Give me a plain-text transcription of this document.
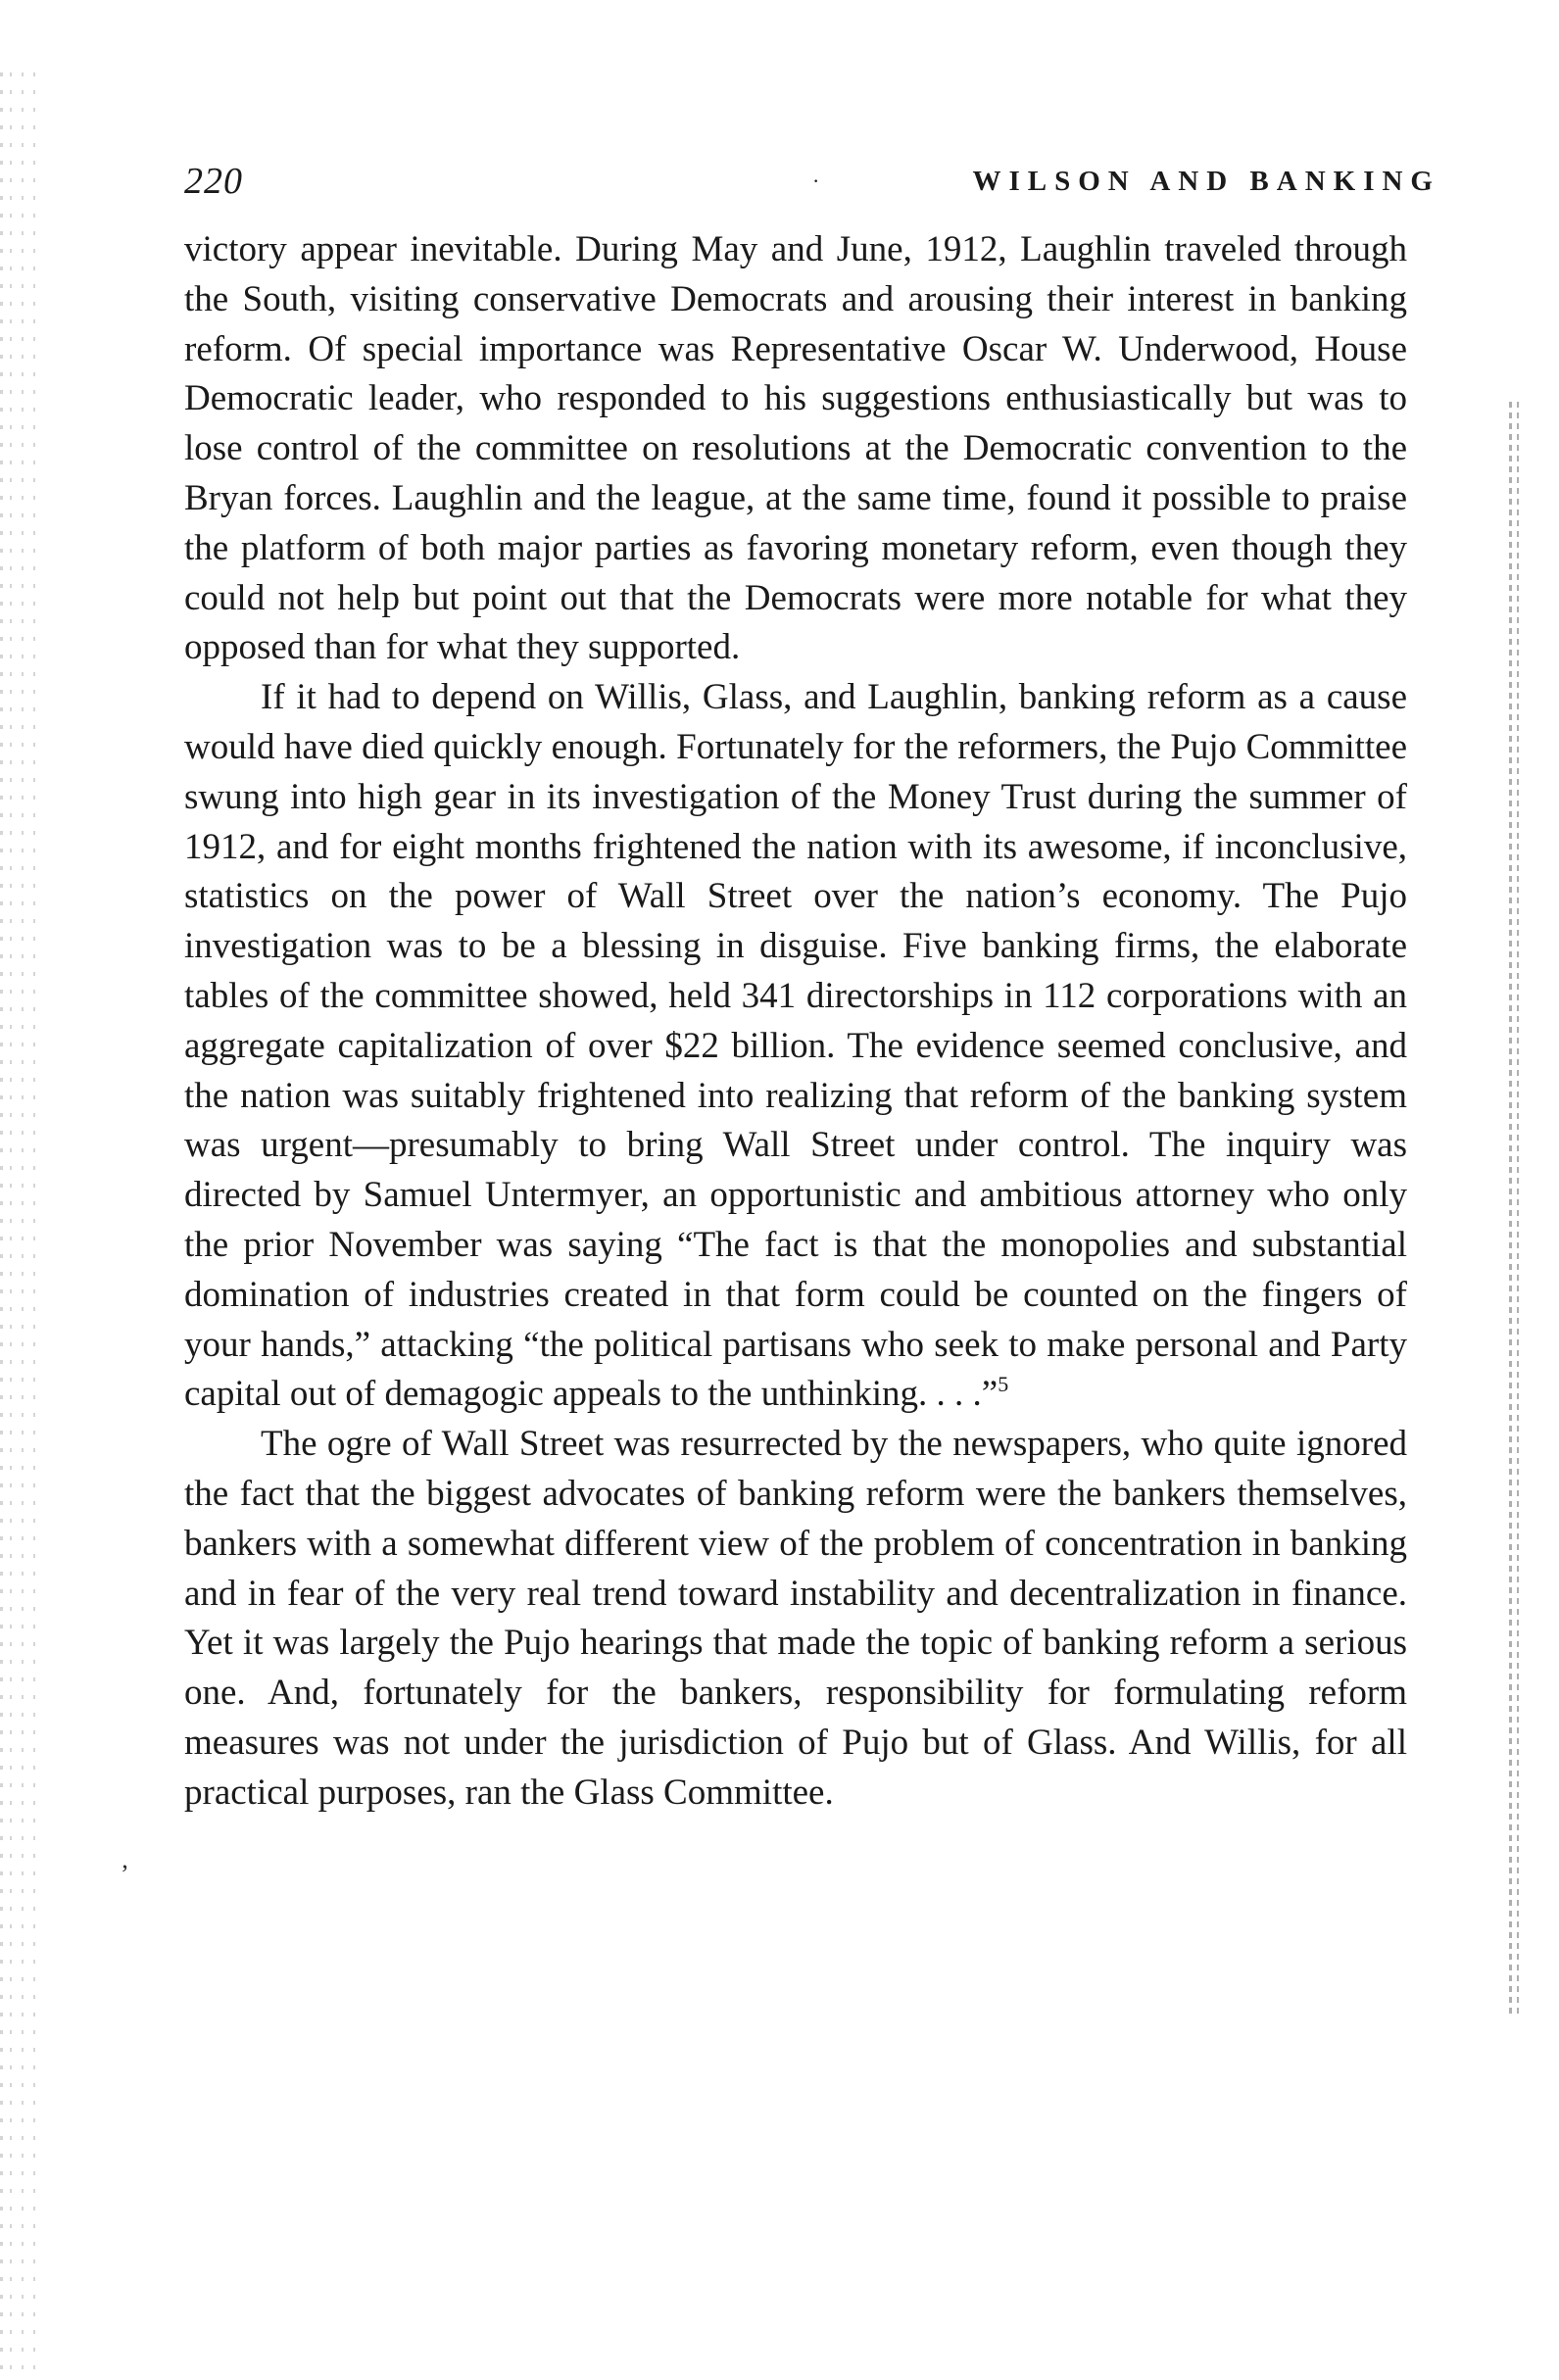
220	·	WILSON AND BANKING

victory appear inevitable. During May and June, 1912, Laughlin traveled through the South, visiting conservative Democrats and arousing their interest in banking reform. Of special importance was Representative Oscar W. Underwood, House Democratic leader, who responded to his suggestions enthusiastically but was to lose control of the committee on resolutions at the Democratic convention to the Bryan forces. Laughlin and the league, at the same time, found it possible to praise the platform of both major parties as favoring monetary reform, even though they could not help but point out that the Democrats were more notable for what they opposed than for what they supported.

If it had to depend on Willis, Glass, and Laughlin, banking reform as a cause would have died quickly enough. Fortunately for the reformers, the Pujo Committee swung into high gear in its investigation of the Money Trust during the summer of 1912, and for eight months frightened the nation with its awesome, if inconclusive, statistics on the power of Wall Street over the nation’s economy. The Pujo investigation was to be a blessing in disguise. Five banking firms, the elaborate tables of the committee showed, held 341 directorships in 112 corporations with an aggregate capitalization of over $22 billion. The evidence seemed conclusive, and the nation was suitably frightened into realizing that reform of the banking system was urgent—presumably to bring Wall Street under control. The inquiry was directed by Samuel Untermyer, an opportunistic and ambitious attorney who only the prior November was saying “The fact is that the monopolies and substantial domination of industries created in that form could be counted on the fingers of your hands,” attacking “the political partisans who seek to make personal and Party capital out of demagogic appeals to the unthinking. . . .”$^5$

The ogre of Wall Street was resurrected by the newspapers, who quite ignored the fact that the biggest advocates of banking reform were the bankers themselves, bankers with a somewhat different view of the problem of concentration in banking and in fear of the very real trend toward instability and decentralization in finance. Yet it was largely the Pujo hearings that made the topic of banking reform a serious one. And, fortunately for the bankers, responsibility for formulating reform measures was not under the jurisdiction of Pujo but of Glass. And Willis, for all practical purposes, ran the Glass Committee.

’
